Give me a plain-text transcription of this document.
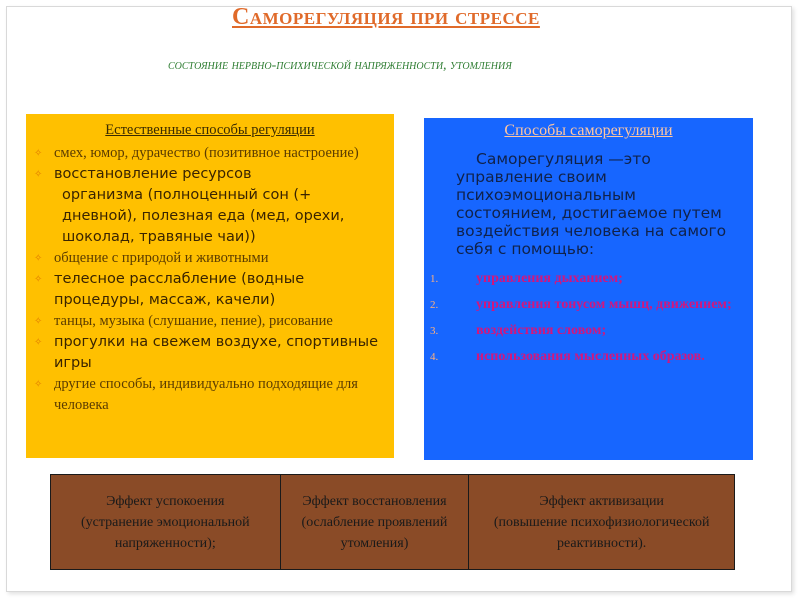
Саморегуляция при стрессе
состояние нервно-психической напряженности, утомления
Естественные способы регуляции
✧ смех, юмор, дурачество (позитивное настроение)
✧ восстановление ресурсов
организма (полноценный сон (+ дневной), полезная еда (мед, орехи, шоколад, травяные чаи))
✧ общение с природой и животными
✧ телесное расслабление (водные процедуры, массаж, качели)
✧ танцы, музыка (слушание, пение), рисование
✧ прогулки на свежем воздухе, спортивные игры
✧ другие способы, индивидуально подходящие для человека
Способы саморегуляции
Саморегуляция —это управление своим психоэмоциональным состоянием, достигаемое путем воздействия человека на самого себя с помощью:
1.	управления дыханием;
2.	управления тонусом мышц, движением;
3.	воздействия словом;
4.	использования мысленных образов.
Эффект успокоения
(устранение эмоциональной напряженности);

Эффект восстановления
(ослабление проявлений утомления)

Эффект активизации
(повышение психофизиологической реактивности).
